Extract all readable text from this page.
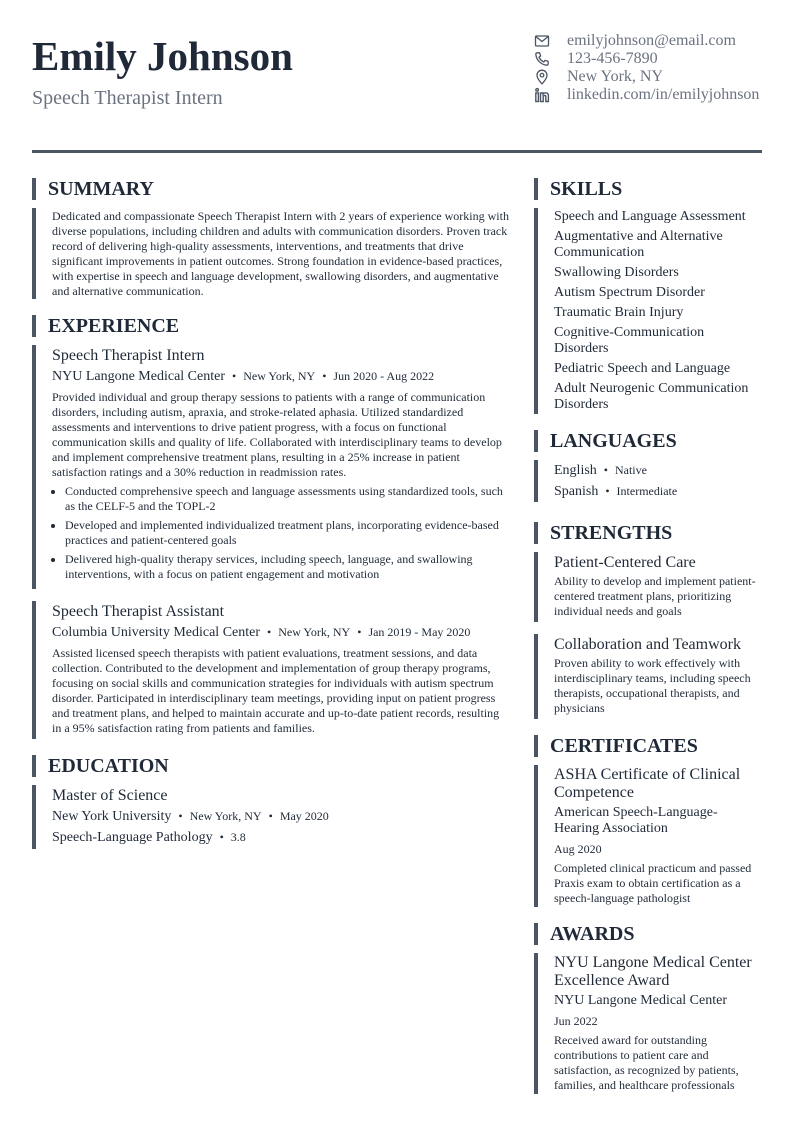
Emily Johnson
Speech Therapist Intern
emilyjohnson@email.com
123-456-7890
New York, NY
linkedin.com/in/emilyjohnson
SUMMARY

Dedicated and compassionate Speech Therapist Intern with 2 years of experience working with diverse populations, including children and adults with communication disorders. Proven track record of delivering high-quality assessments, interventions, and treatments that drive significant improvements in patient outcomes. Strong foundation in evidence-based practices, with expertise in speech and language development, swallowing disorders, and augmentative and alternative communication.

EXPERIENCE
Speech Therapist Intern
NYU Langone Medical Center • New York, NY • Jun 2020 - Aug 2022

Provided individual and group therapy sessions to patients with a range of communication disorders, including autism, apraxia, and stroke-related aphasia. Utilized standardized assessments and interventions to drive patient progress, with a focus on functional communication skills and quality of life. Collaborated with interdisciplinary teams to develop and implement comprehensive treatment plans, resulting in a 25% increase in patient satisfaction ratings and a 30% reduction in readmission rates.

• Conducted comprehensive speech and language assessments using standardized tools, such as the CELF-5 and the TOPL-2
• Developed and implemented individualized treatment plans, incorporating evidence-based practices and patient-centered goals
• Delivered high-quality therapy services, including speech, language, and swallowing interventions, with a focus on patient engagement and motivation
Speech Therapist Assistant
Columbia University Medical Center • New York, NY • Jan 2019 - May 2020

Assisted licensed speech therapists with patient evaluations, treatment sessions, and data collection. Contributed to the development and implementation of group therapy programs, focusing on social skills and communication strategies for individuals with autism spectrum disorder. Participated in interdisciplinary team meetings, providing input on patient progress and treatment plans, and helped to maintain accurate and up-to-date patient records, resulting in a 95% satisfaction rating from patients and families.

EDUCATION
Master of Science
New York University • New York, NY • May 2020
Speech-Language Pathology • 3.8
SKILLS
Speech and Language Assessment
Augmentative and Alternative Communication
Swallowing Disorders
Autism Spectrum Disorder
Traumatic Brain Injury
Cognitive-Communication Disorders
Pediatric Speech and Language
Adult Neurogenic Communication Disorders
LANGUAGES
English • Native
Spanish • Intermediate
STRENGTHS
Patient-Centered Care
Ability to develop and implement patient-centered treatment plans, prioritizing individual needs and goals
Collaboration and Teamwork
Proven ability to work effectively with interdisciplinary teams, including speech therapists, occupational therapists, and physicians
CERTIFICATES
ASHA Certificate of Clinical Competence
American Speech-Language-Hearing Association
Aug 2020
Completed clinical practicum and passed Praxis exam to obtain certification as a speech-language pathologist
AWARDS
NYU Langone Medical Center Excellence Award
NYU Langone Medical Center
Jun 2022
Received award for outstanding contributions to patient care and satisfaction, as recognized by patients, families, and healthcare professionals
